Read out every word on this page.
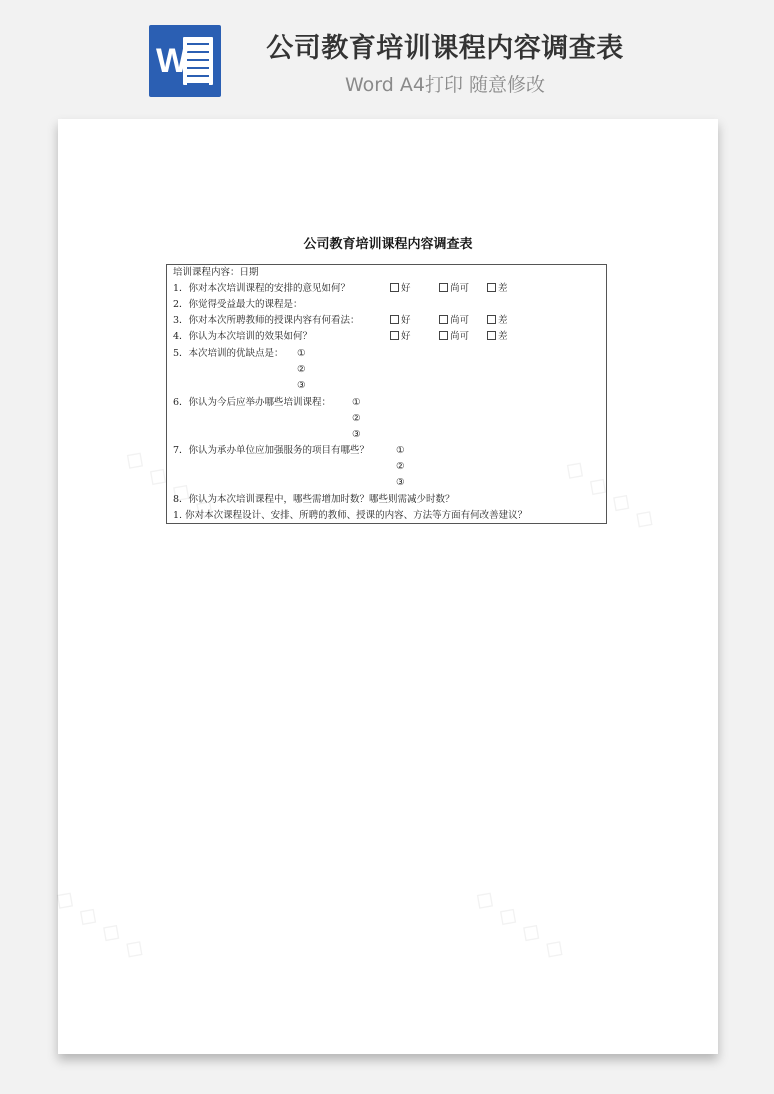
W	公司教育培训课程内容调查表
Word A4打印 随意修改
◇ ◇ ◇ ◇	◇ ◇ ◇ ◇
◇ ◇ ◇ ◇	◇ ◇ ◇ ◇
公司教育培训课程内容调查表
培训课程内容：日期
1．你对本次培训课程的安排的意见如何？	好	尚可	差
2．你觉得受益最大的课程是：
3．你对本次所聘教师的授课内容有何看法：	好	尚可	差
4．你认为本次培训的效果如何？	好	尚可	差
5．本次培训的优缺点是： ①
②
③
6．你认为今后应举办哪些培训课程： ①
②
③
7．你认为承办单位应加强服务的项目有哪些？	①
②
③
8．你认为本次培训课程中，哪些需增加时数？哪些则需减少时数？
1. 你对本次课程设计、安排、所聘的教师、授课的内容、方法等方面有何改善建议？
